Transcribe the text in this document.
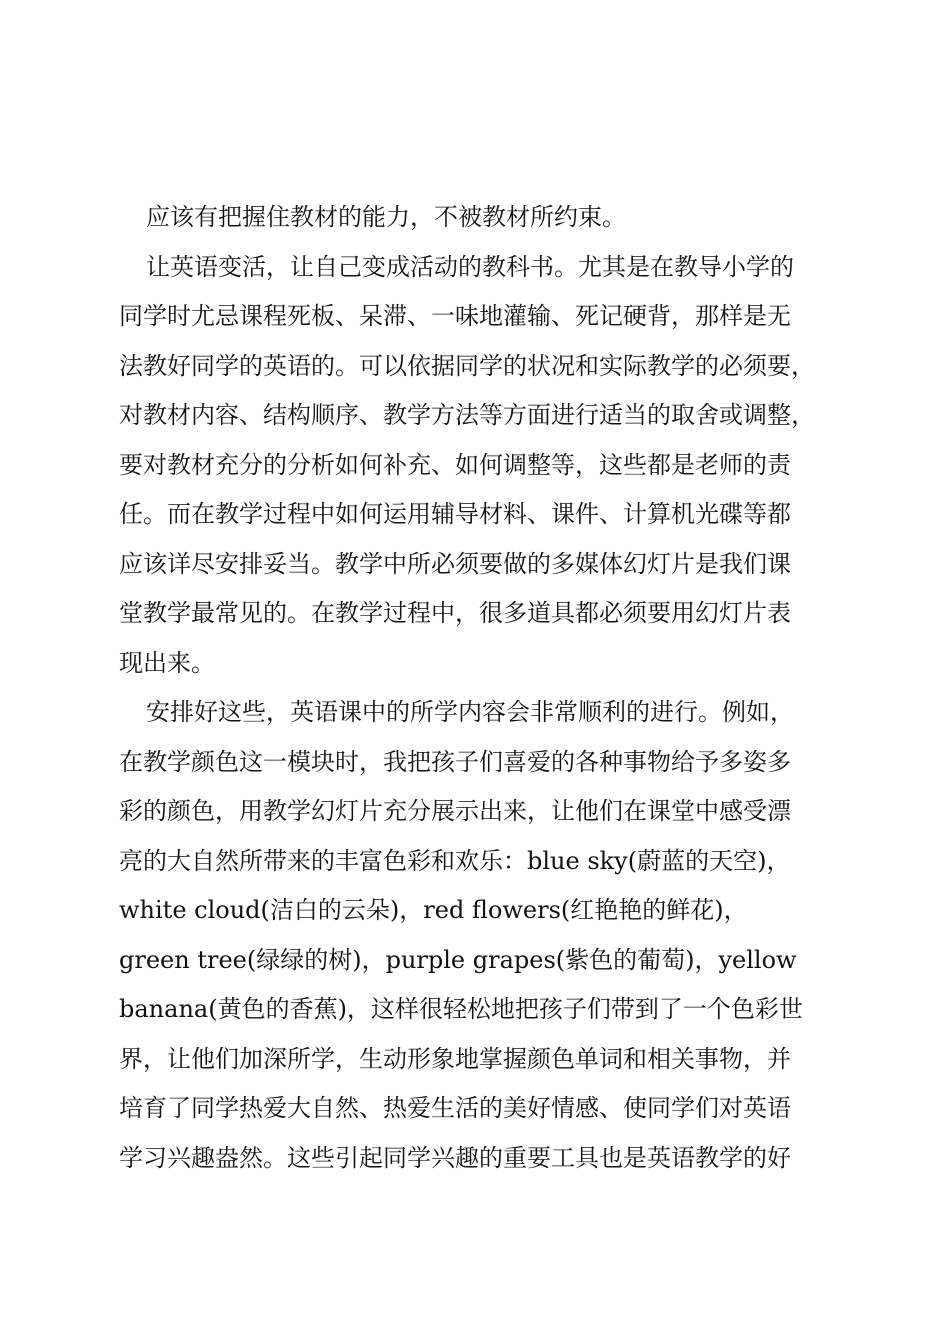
应该有把握住教材的能力，不被教材所约束。
让英语变活，让自己变成活动的教科书。尤其是在教导小学的
同学时尤忌课程死板、呆滞、一味地灌输、死记硬背，那样是无
法教好同学的英语的。可以依据同学的状况和实际教学的必须要，
对教材内容、结构顺序、教学方法等方面进行适当的取舍或调整，
要对教材充分的分析如何补充、如何调整等，这些都是老师的责
任。而在教学过程中如何运用辅导材料、课件、计算机光碟等都
应该详尽安排妥当。教学中所必须要做的多媒体幻灯片是我们课
堂教学最常见的。在教学过程中，很多道具都必须要用幻灯片表
现出来。
安排好这些，英语课中的所学内容会非常顺利的进行。例如，
在教学颜色这一模块时，我把孩子们喜爱的各种事物给予多姿多
彩的颜色，用教学幻灯片充分展示出来，让他们在课堂中感受漂
亮的大自然所带来的丰富色彩和欢乐：blue sky(蔚蓝的天空)，
white cloud(洁白的云朵)，red flowers(红艳艳的鲜花)，
green tree(绿绿的树)，purple grapes(紫色的葡萄)，yellow
banana(黄色的香蕉)，这样很轻松地把孩子们带到了一个色彩世
界，让他们加深所学，生动形象地掌握颜色单词和相关事物，并
培育了同学热爱大自然、热爱生活的美好情感、使同学们对英语
学习兴趣盎然。这些引起同学兴趣的重要工具也是英语教学的好
